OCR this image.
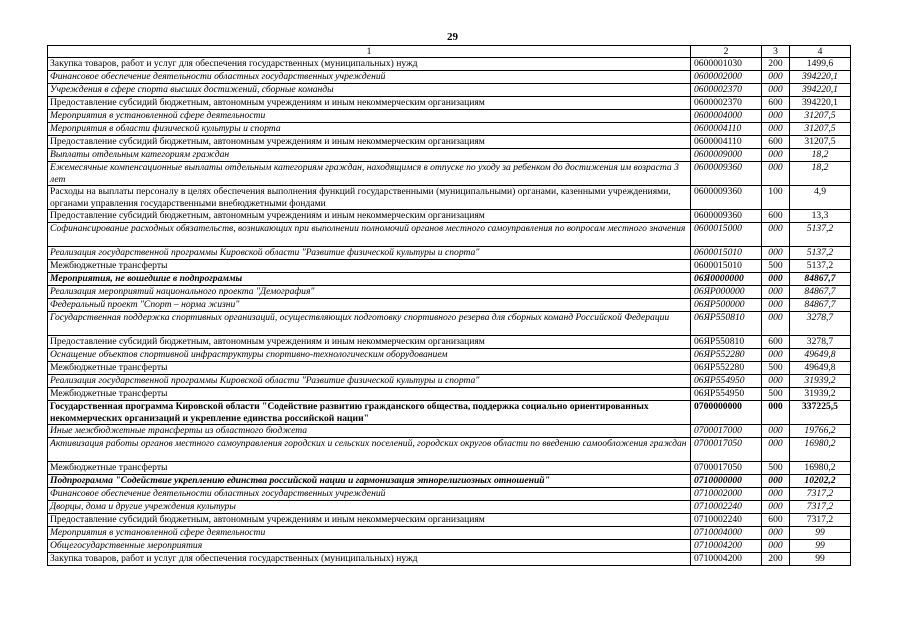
29
1	2	3	4
Закупка товаров, работ и услуг для обеспечения государственных (муниципальных) нужд	0600001030	200	1499,6
Финансовое обеспечение деятельности областных государственных учреждений	0600002000	000	394220,1
Учреждения в сфере спорта высших достижений, сборные команды	0600002370	000	394220,1
Предоставление субсидий бюджетным, автономным учреждениям и иным некоммерческим организациям	0600002370	600	394220,1
Мероприятия в установленной сфере деятельности	0600004000	000	31207,5
Мероприятия в области физической культуры и спорта	0600004110	000	31207,5
Предоставление субсидий бюджетным, автономным учреждениям и иным некоммерческим организациям	0600004110	600	31207,5
Выплаты отдельным категориям граждан	0600009000	000	18,2
Ежемесячные компенсационные выплаты отдельным категориям граждан, находящимся в отпуске по уходу за ребенком до достижения им возраста 3 лет	0600009360	000	18,2
Расходы на выплаты персоналу в целях обеспечения выполнения функций государственными (муниципальными) органами, казенными учреждениями, органами управления государственными внебюджетными фондами	0600009360	100	4,9
Предоставление субсидий бюджетным, автономным учреждениям и иным некоммерческим организациям	0600009360	600	13,3
Софинансирование расходных обязательств, возникающих при выполнении полномочий органов местного самоуправления по вопросам местного значения	0600015000	000	5137,2
Реализация государственной программы Кировской области "Развитие физической культуры и спорта"	0600015010	000	5137,2
Межбюджетные трансферты	0600015010	500	5137,2
Мероприятия, не вошедшие в подпрограммы	06Я0000000	000	84867,7
Реализация мероприятий национального проекта "Демография"	06ЯP000000	000	84867,7
Федеральный проект "Спорт – норма жизни"	06ЯP500000	000	84867,7
Государственная поддержка спортивных организаций, осуществляющих подготовку спортивного резерва для сборных команд Российской Федерации	06ЯP550810	000	3278,7
Предоставление субсидий бюджетным, автономным учреждениям и иным некоммерческим организациям	06ЯP550810	600	3278,7
Оснащение объектов спортивной инфраструктуры спортивно-технологическим оборудованием	06ЯP552280	000	49649,8
Межбюджетные трансферты	06ЯP552280	500	49649,8
Реализация государственной программы Кировской области "Развитие физической культуры и спорта"	06ЯP554950	000	31939,2
Межбюджетные трансферты	06ЯP554950	500	31939,2
Государственная программа Кировской области "Содействие развитию гражданского общества, поддержка социально ориентированных некоммерческих организаций и укрепление единства российской нации"	0700000000	000	337225,5
Иные межбюджетные трансферты из областного бюджета	0700017000	000	19766,2
Активизация работы органов местного самоуправления городских и сельских поселений, городских округов области по введению самообложения граждан	0700017050	000	16980,2
Межбюджетные трансферты	0700017050	500	16980,2
Подпрограмма "Содействие укреплению единства российской нации и гармонизация этнорелигиозных отношений"	0710000000	000	10202,2
Финансовое обеспечение деятельности областных государственных учреждений	0710002000	000	7317,2
Дворцы, дома и другие учреждения культуры	0710002240	000	7317,2
Предоставление субсидий бюджетным, автономным учреждениям и иным некоммерческим организациям	0710002240	600	7317,2
Мероприятия в установленной сфере деятельности	0710004000	000	99
Общегосударственные мероприятия	0710004200	000	99
Закупка товаров, работ и услуг для обеспечения государственных (муниципальных) нужд	0710004200	200	99
